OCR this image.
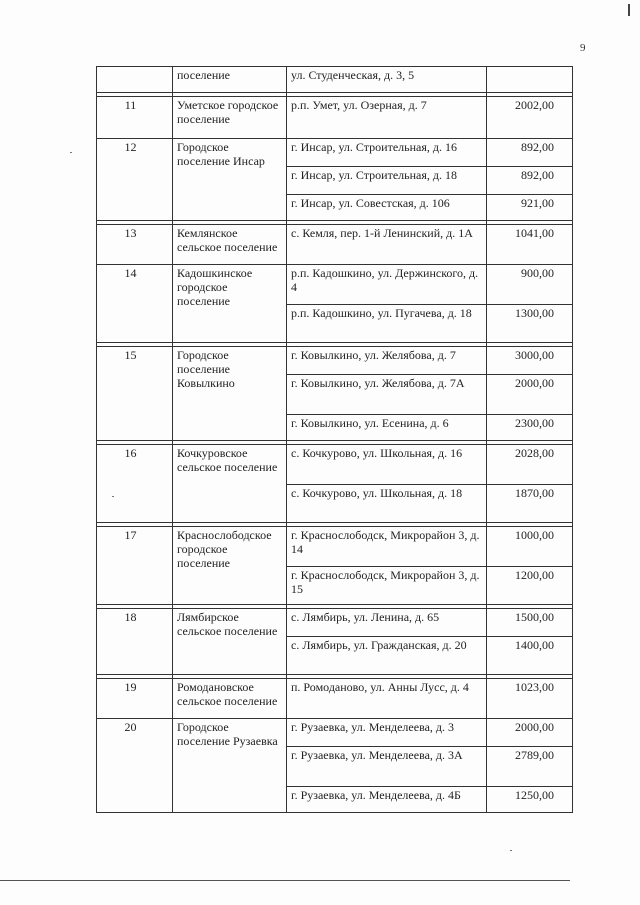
9
	поселение	ул. Студенческая, д. 3, 5	

11	Уметское городское поселение	р.п. Умет, ул. Озерная, д. 7	2002,00
12	Городское поселение Инсар	г. Инсар, ул. Строительная, д. 16	892,00
		г. Инсар, ул. Строительная, д. 18	892,00
		г. Инсар, ул. Совестская, д. 106	921,00

13	Кемлянское сельское поселение	с. Кемля, пер. 1-й Ленинский, д. 1А	1041,00
14	Кадошкинское городское поселение	р.п. Кадошкино, ул. Держинского, д. 4	900,00
		р.п. Кадошкино, ул. Пугачева, д. 18	1300,00

15	Городское поселение Ковылкино	г. Ковылкино, ул. Желябова, д. 7	3000,00
		г. Ковылкино, ул. Желябова, д. 7А	2000,00
		г. Ковылкино, ул. Есенина, д. 6	2300,00

16	Кочкуровское сельское поселение	с. Кочкурово, ул. Школьная, д. 16	2028,00
		с. Кочкурово, ул. Школьная, д. 18	1870,00

17	Краснослободское городское поселение	г. Краснослободск, Микрорайон 3, д. 14	1000,00
		г. Краснослободск, Микрорайон 3, д. 15	1200,00

18	Лямбирское сельское поселение	с. Лямбирь, ул. Ленина, д. 65	1500,00
		с. Лямбирь, ул. Гражданская, д. 20	1400,00

19	Ромодановское сельское поселение	п. Ромоданово, ул. Анны Лусс, д. 4	1023,00
20	Городское поселение Рузаевка	г. Рузаевка, ул. Менделеева, д. 3	2000,00
		г. Рузаевка, ул. Менделеева, д. 3А	2789,00
		г. Рузаевка, ул. Менделеева, д. 4Б	1250,00
